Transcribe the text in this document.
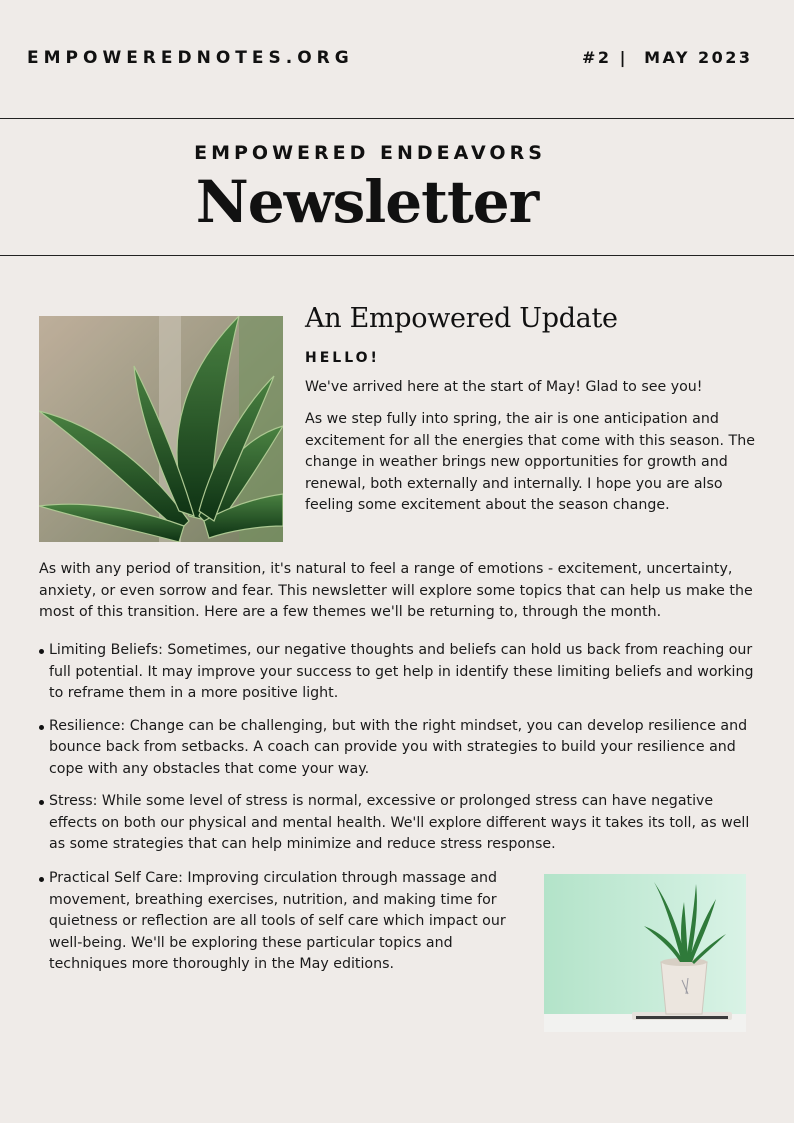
EMPOWEREDNOTES.ORG	#2 |  MAY 2023
EMPOWERED ENDEAVORS
Newsletter
An Empowered Update
HELLO!
We've arrived here at the start of May! Glad to see you!
As we step fully into spring, the air is one anticipation and excitement for all the energies that come with this season. The change in weather brings new opportunities for growth and renewal, both externally and internally. I hope you are also feeling some excitement about the season change.
As with any period of transition, it's natural to feel a range of emotions - excitement, uncertainty, anxiety, or even sorrow and fear. This newsletter will explore some topics that can help us make the most of this transition. Here are a few themes we'll be returning to, through the month.
Limiting Beliefs: Sometimes, our negative thoughts and beliefs can hold us back from reaching our full potential. It may improve your success to get help in identify these limiting beliefs and working to reframe them in a more positive light.
Resilience: Change can be challenging, but with the right mindset, you can develop resilience and bounce back from setbacks. A coach can provide you with strategies to build your resilience and cope with any obstacles that come your way.
Stress: While some level of stress is normal, excessive or prolonged stress can have negative effects on both our physical and mental health. We'll explore different ways it takes its toll, as well as some strategies that can help minimize and reduce stress response.
Practical Self Care: Improving circulation through massage and movement, breathing exercises, nutrition, and making time for quietness or reflection are all tools of self care which impact our well-being. We'll be exploring these particular topics and techniques more thoroughly in the May editions.
